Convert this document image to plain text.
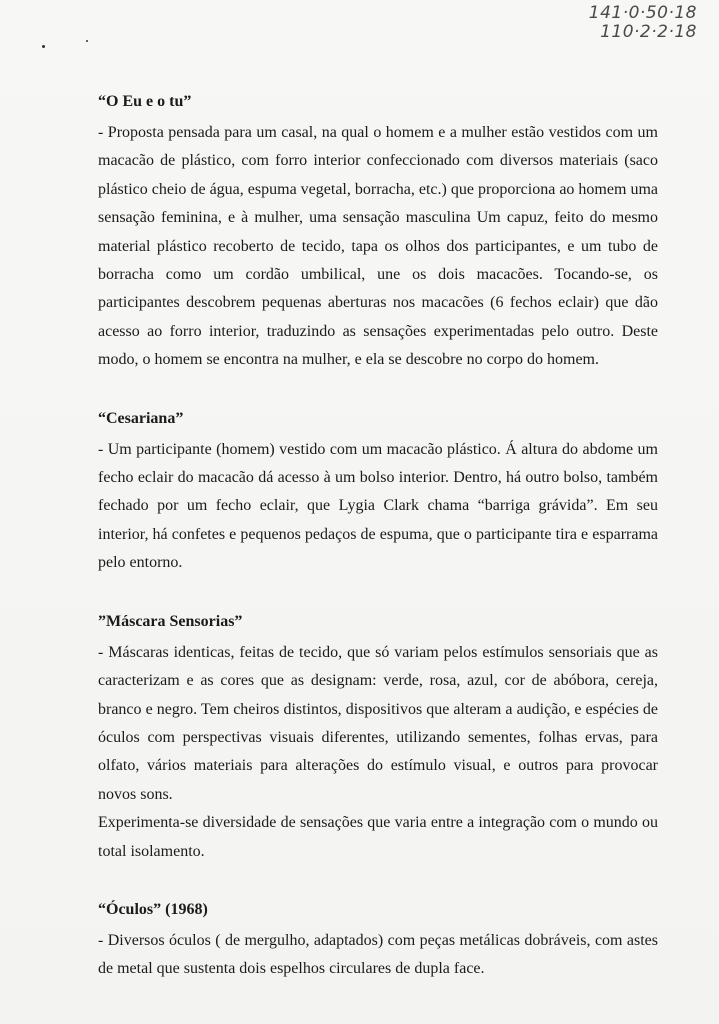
141·0·50·18
110·2·2·18
“O Eu e o tu”

- Proposta pensada para um casal, na qual o homem e a mulher estão vestidos com um macacão de plástico, com forro interior confeccionado com diversos materiais (saco plástico cheio de água, espuma vegetal, borracha, etc.) que proporciona ao homem uma sensação feminina, e à mulher, uma sensação masculina Um capuz, feito do mesmo material plástico recoberto de tecido, tapa os olhos dos participantes, e um tubo de borracha como um cordão umbilical, une os dois macacões. Tocando-se, os participantes descobrem pequenas aberturas nos macacões (6 fechos eclair) que dão acesso ao forro interior, traduzindo as sensações experimentadas pelo outro. Deste modo, o homem se encontra na mulher, e ela se descobre no corpo do homem.

“Cesariana”

- Um participante (homem) vestido com um macacão plástico. Á altura do abdome um fecho eclair do macacão dá acesso à um bolso interior. Dentro, há outro bolso, também fechado por um fecho eclair, que Lygia Clark chama “barriga grávida”. Em seu interior, há confetes e pequenos pedaços de espuma, que o participante tira e esparrama pelo entorno.

”Máscara Sensorias”

- Máscaras identicas, feitas de tecido, que só variam pelos estímulos sensoriais que as caracterizam e as cores que as designam: verde, rosa, azul, cor de abóbora, cereja, branco e negro. Tem cheiros distintos, dispositivos que alteram a audição, e espécies de óculos com perspectivas visuais diferentes, utilizando sementes, folhas ervas, para olfato, vários materiais para alterações do estímulo visual, e outros para provocar novos sons.

Experimenta-se diversidade de sensações que varia entre a integração com o mundo ou total isolamento.

“Óculos” (1968)

- Diversos óculos ( de mergulho, adaptados) com peças metálicas dobráveis, com astes de metal que sustenta dois espelhos circulares de dupla face.
